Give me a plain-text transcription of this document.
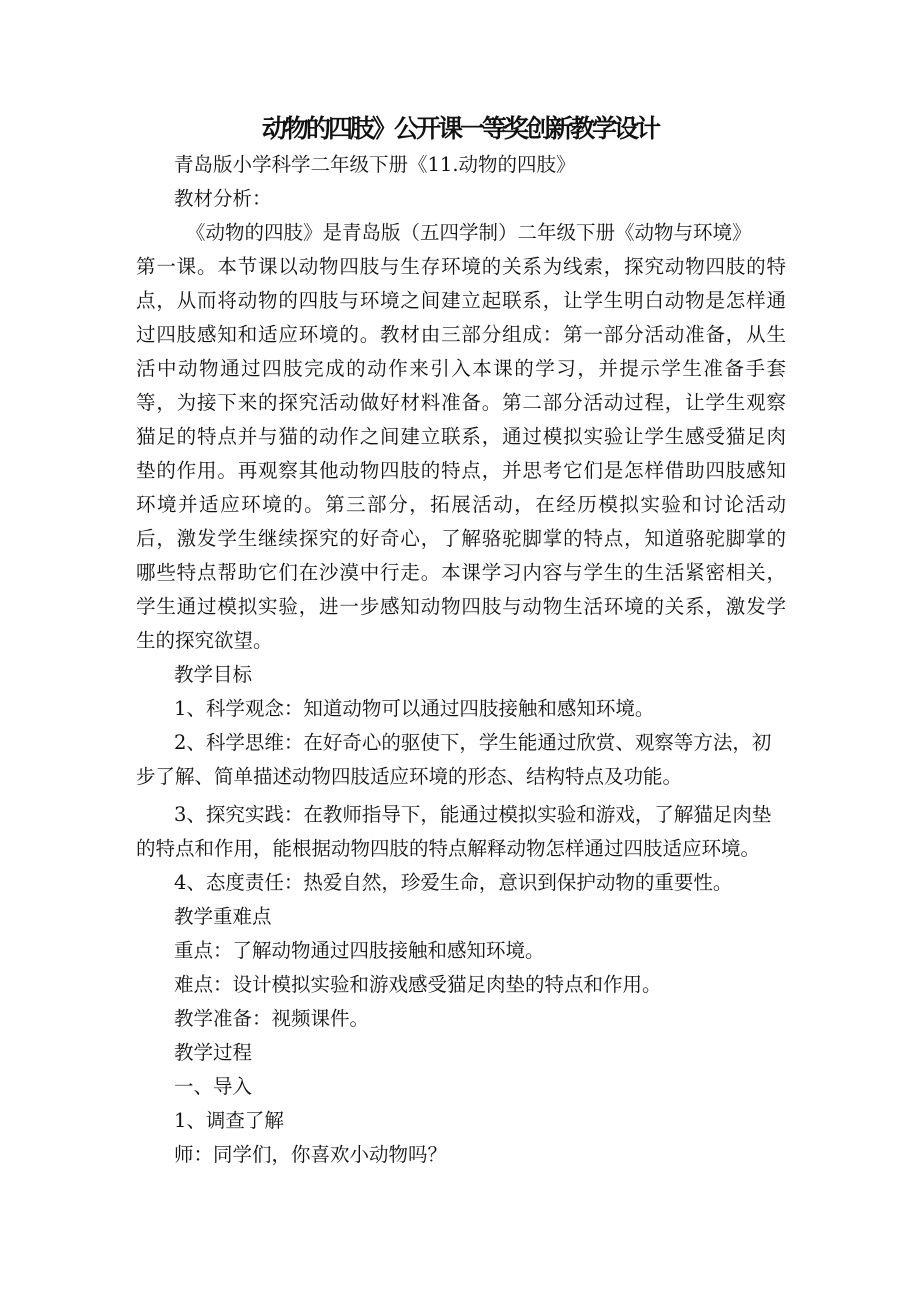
动物的四肢》公开课一等奖创新教学设计
青岛版小学科学二年级下册《11.动物的四肢》
教材分析：
《动物的四肢》是青岛版（五四学制）二年级下册《动物与环境》
第一课。本节课以动物四肢与生存环境的关系为线索，探究动物四肢的特
点，从而将动物的四肢与环境之间建立起联系，让学生明白动物是怎样通
过四肢感知和适应环境的。教材由三部分组成：第一部分活动准备，从生
活中动物通过四肢完成的动作来引入本课的学习，并提示学生准备手套
等，为接下来的探究活动做好材料准备。第二部分活动过程，让学生观察
猫足的特点并与猫的动作之间建立联系，通过模拟实验让学生感受猫足肉
垫的作用。再观察其他动物四肢的特点，并思考它们是怎样借助四肢感知
环境并适应环境的。第三部分，拓展活动，在经历模拟实验和讨论活动
后，激发学生继续探究的好奇心，了解骆驼脚掌的特点，知道骆驼脚掌的
哪些特点帮助它们在沙漠中行走。本课学习内容与学生的生活紧密相关，
学生通过模拟实验，进一步感知动物四肢与动物生活环境的关系，激发学
生的探究欲望。
教学目标
1、科学观念：知道动物可以通过四肢接触和感知环境。
2、科学思维：在好奇心的驱使下，学生能通过欣赏、观察等方法，初
步了解、简单描述动物四肢适应环境的形态、结构特点及功能。
3、探究实践：在教师指导下，能通过模拟实验和游戏，了解猫足肉垫
的特点和作用，能根据动物四肢的特点解释动物怎样通过四肢适应环境。
4、态度责任：热爱自然，珍爱生命，意识到保护动物的重要性。
教学重难点
重点：了解动物通过四肢接触和感知环境。
难点：设计模拟实验和游戏感受猫足肉垫的特点和作用。
教学准备：视频课件。
教学过程
一、导入
1、调查了解
师：同学们，你喜欢小动物吗？
